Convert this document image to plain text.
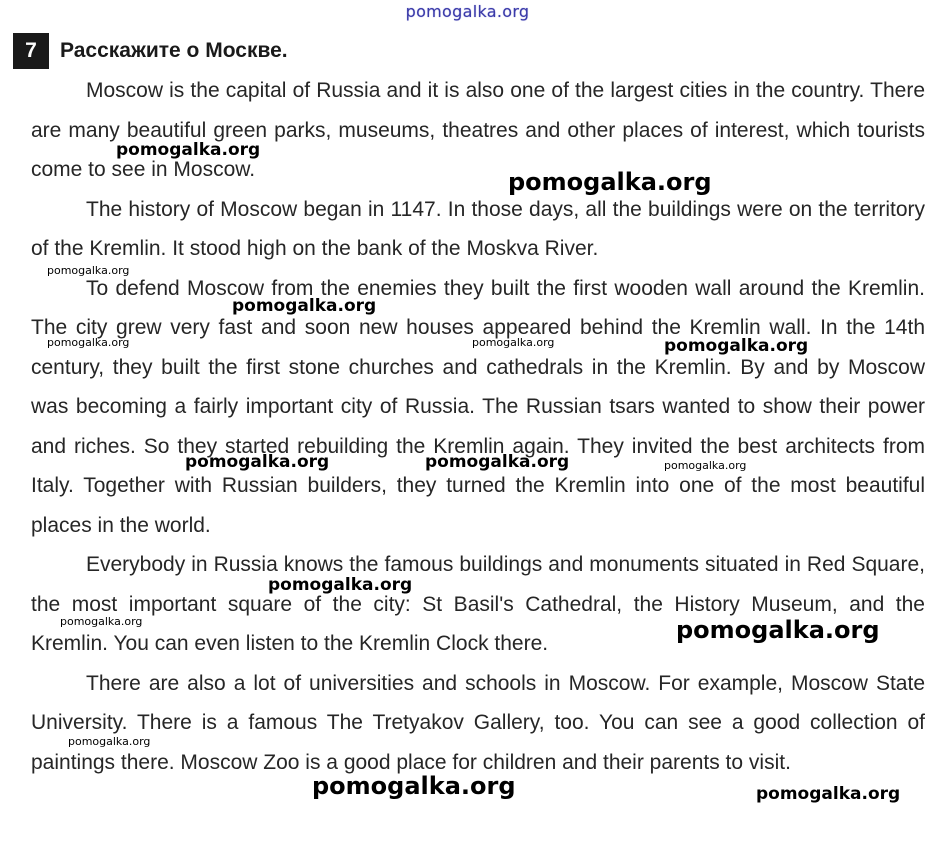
pomogalka.org
7	Расскажите о Москве.

Moscow is the capital of Russia and it is also one of the largest cities in the country. There are many beautiful green parks, museums, theatres and other places of interest, which tourists come to see in Moscow.

The history of Moscow began in 1147. In those days, all the buildings were on the territory of the Kremlin. It stood high on the bank of the Moskva River.

To defend Moscow from the enemies they built the first wooden wall around the Kremlin. The city grew very fast and soon new houses appeared behind the Kremlin wall. In the 14th century, they built the first stone churches and cathedrals in the Kremlin. By and by Moscow was becoming a fairly important city of Russia. The Russian tsars wanted to show their power and riches. So they started rebuilding the Kremlin again. They invited the best architects from Italy. Together with Russian builders, they turned the Kremlin into one of the most beautiful places in the world.

Everybody in Russia knows the famous buildings and monuments situated in Red Square, the most important square of the city: St Basil's Cathedral, the History Museum, and the Kremlin. You can even listen to the Kremlin Clock there.

There are also a lot of universities and schools in Moscow. For example, Moscow State University. There is a famous The Tretyakov Gallery, too. You can see a good collection of paintings there. Moscow Zoo is a good place for children and their parents to visit.

pomogalka.org
pomogalka.org
pomogalka.org
pomogalka.org
pomogalka.org	pomogalka.org	pomogalka.org
pomogalka.org	pomogalka.org	pomogalka.org
pomogalka.org
pomogalka.org	pomogalka.org
pomogalka.org
pomogalka.org	pomogalka.org
